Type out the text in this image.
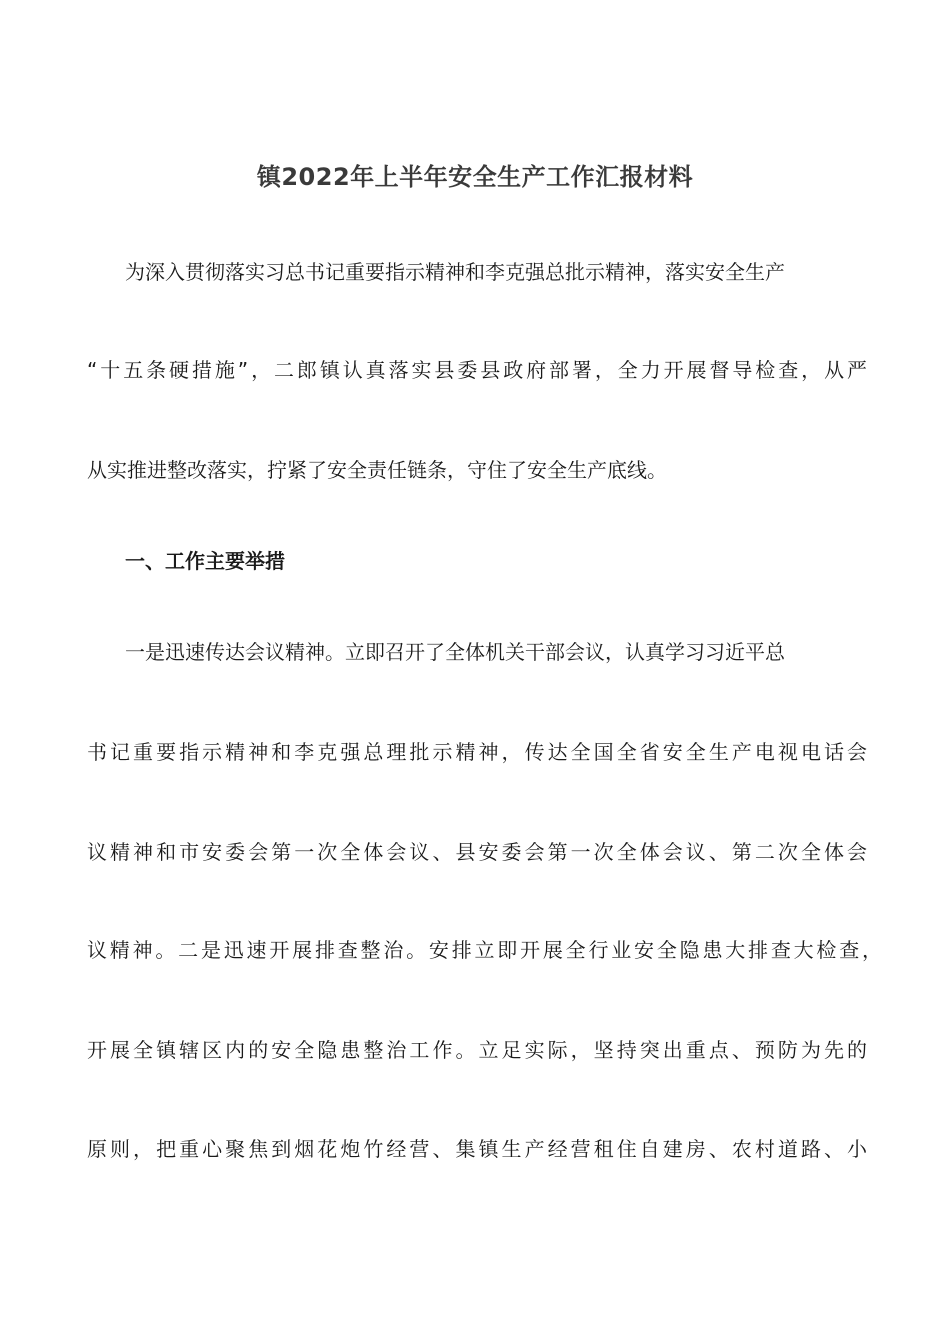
镇2022年上半年安全生产工作汇报材料
为深入贯彻落实习总书记重要指示精神和李克强总批示精神，落实安全生产
“十五条硬措施”，二郎镇认真落实县委县政府部署，全力开展督导检查，从严
从实推进整改落实，拧紧了安全责任链条，守住了安全生产底线。
一、工作主要举措
一是迅速传达会议精神。立即召开了全体机关干部会议，认真学习习近平总
书记重要指示精神和李克强总理批示精神，传达全国全省安全生产电视电话会
议精神和市安委会第一次全体会议、县安委会第一次全体会议、第二次全体会
议精神。二是迅速开展排查整治。安排立即开展全行业安全隐患大排查大检查，
开展全镇辖区内的安全隐患整治工作。立足实际，坚持突出重点、预防为先的
原则，把重心聚焦到烟花炮竹经营、集镇生产经营租住自建房、农村道路、小
